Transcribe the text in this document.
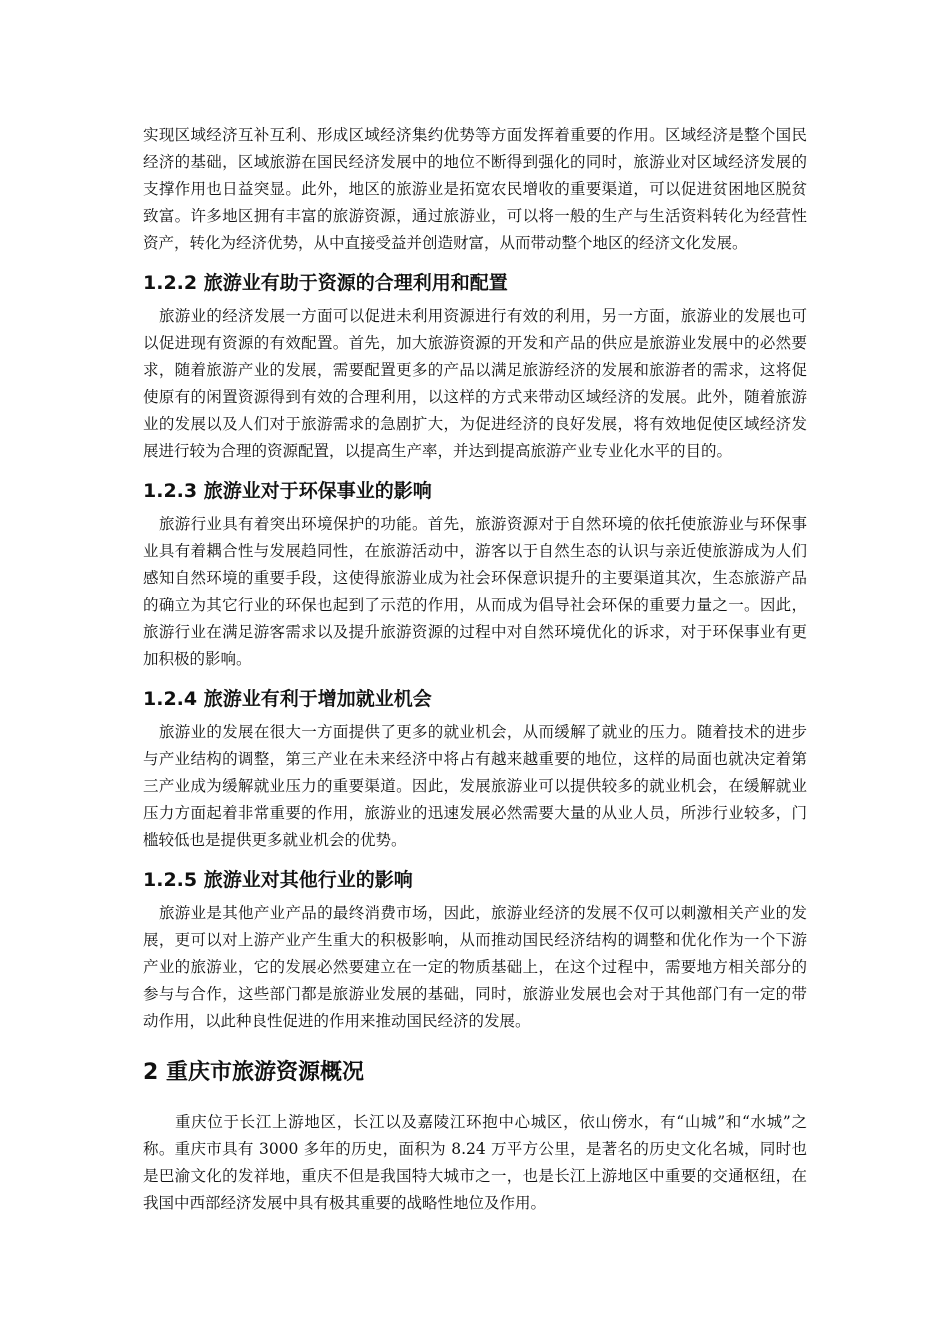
实现区域经济互补互利、形成区域经济集约优势等方面发挥着重要的作用。区域经济是整个国民经济的基础，区域旅游在国民经济发展中的地位不断得到强化的同时，旅游业对区域经济发展的支撑作用也日益突显。此外，地区的旅游业是拓宽农民增收的重要渠道，可以促进贫困地区脱贫致富。许多地区拥有丰富的旅游资源，通过旅游业，可以将一般的生产与生活资料转化为经营性资产，转化为经济优势，从中直接受益并创造财富，从而带动整个地区的经济文化发展。

1.2.2 旅游业有助于资源的合理利用和配置

旅游业的经济发展一方面可以促进未利用资源进行有效的利用，另一方面，旅游业的发展也可以促进现有资源的有效配置。首先，加大旅游资源的开发和产品的供应是旅游业发展中的必然要求，随着旅游产业的发展，需要配置更多的产品以满足旅游经济的发展和旅游者的需求，这将促使原有的闲置资源得到有效的合理利用，以这样的方式来带动区域经济的发展。此外，随着旅游业的发展以及人们对于旅游需求的急剧扩大，为促进经济的良好发展，将有效地促使区域经济发展进行较为合理的资源配置，以提高生产率，并达到提高旅游产业专业化水平的目的。

1.2.3 旅游业对于环保事业的影响

旅游行业具有着突出环境保护的功能。首先，旅游资源对于自然环境的依托使旅游业与环保事业具有着耦合性与发展趋同性，在旅游活动中，游客以于自然生态的认识与亲近使旅游成为人们感知自然环境的重要手段，这使得旅游业成为社会环保意识提升的主要渠道其次，生态旅游产品的确立为其它行业的环保也起到了示范的作用，从而成为倡导社会环保的重要力量之一。因此，旅游行业在满足游客需求以及提升旅游资源的过程中对自然环境优化的诉求，对于环保事业有更加积极的影响。

1.2.4 旅游业有利于增加就业机会

旅游业的发展在很大一方面提供了更多的就业机会，从而缓解了就业的压力。随着技术的进步与产业结构的调整，第三产业在未来经济中将占有越来越重要的地位，这样的局面也就决定着第三产业成为缓解就业压力的重要渠道。因此，发展旅游业可以提供较多的就业机会，在缓解就业压力方面起着非常重要的作用，旅游业的迅速发展必然需要大量的从业人员，所涉行业较多，门槛较低也是提供更多就业机会的优势。

1.2.5 旅游业对其他行业的影响

旅游业是其他产业产品的最终消费市场，因此，旅游业经济的发展不仅可以刺激相关产业的发展，更可以对上游产业产生重大的积极影响，从而推动国民经济结构的调整和优化作为一个下游产业的旅游业，它的发展必然要建立在一定的物质基础上，在这个过程中，需要地方相关部分的参与与合作，这些部门都是旅游业发展的基础，同时，旅游业发展也会对于其他部门有一定的带动作用，以此种良性促进的作用来推动国民经济的发展。

2 重庆市旅游资源概况

重庆位于长江上游地区，长江以及嘉陵江环抱中心城区，依山傍水，有“山城”和“水城”之称。重庆市具有 3000 多年的历史，面积为 8.24 万平方公里，是著名的历史文化名城，同时也是巴渝文化的发祥地，重庆不但是我国特大城市之一，也是长江上游地区中重要的交通枢纽，在我国中西部经济发展中具有极其重要的战略性地位及作用。
